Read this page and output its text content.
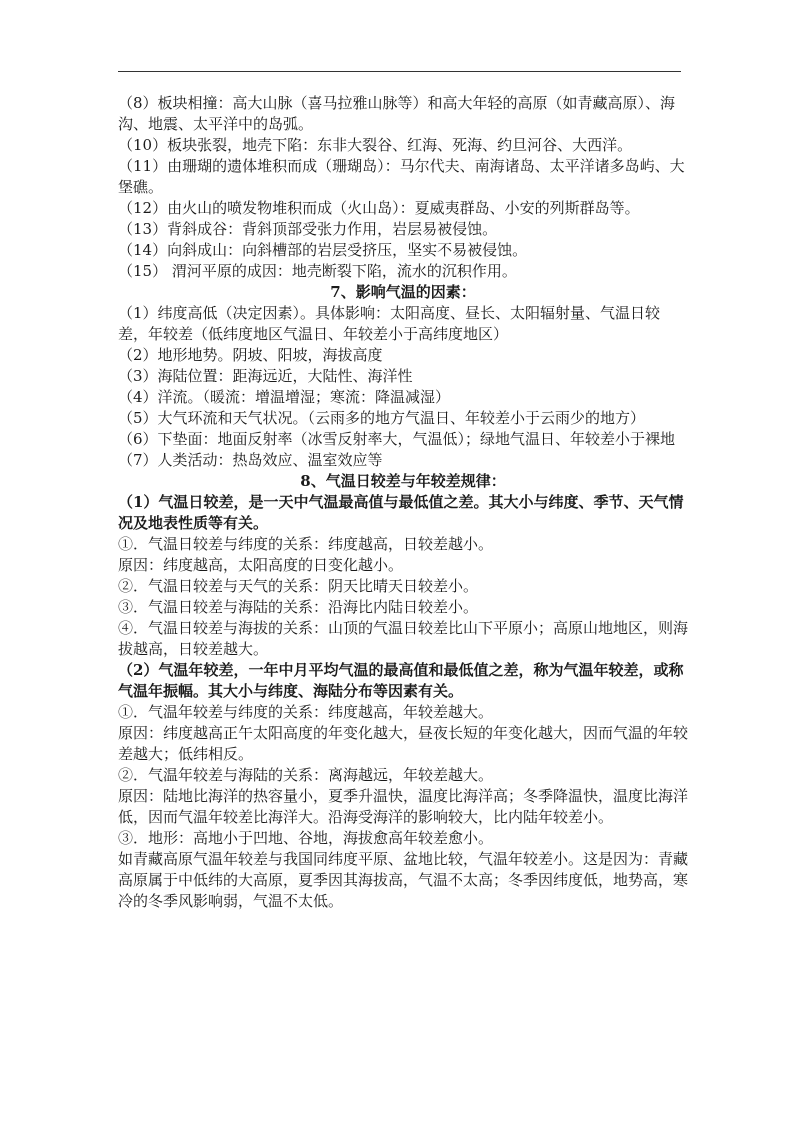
（8）板块相撞：高大山脉（喜马拉雅山脉等）和高大年轻的高原（如青藏高原）、海沟、地震、太平洋中的岛弧。

（10）板块张裂，地壳下陷：东非大裂谷、红海、死海、约旦河谷、大西洋。

（11）由珊瑚的遗体堆积而成（珊瑚岛）：马尔代夫、南海诸岛、太平洋诸多岛屿、大堡礁。

（12）由火山的喷发物堆积而成（火山岛）：夏威夷群岛、小安的列斯群岛等。

（13）背斜成谷：背斜顶部受张力作用，岩层易被侵蚀。

（14）向斜成山：向斜槽部的岩层受挤压，坚实不易被侵蚀。

（15） 渭河平原的成因：地壳断裂下陷，流水的沉积作用。

7、影响气温的因素：

（1）纬度高低（决定因素）。具体影响：太阳高度、昼长、太阳辐射量、气温日较差，年较差（低纬度地区气温日、年较差小于高纬度地区）

（2）地形地势。阴坡、阳坡，海拔高度

（3）海陆位置：距海远近，大陆性、海洋性

（4）洋流。（暖流：增温增湿；寒流：降温减湿）

（5）大气环流和天气状况。（云雨多的地方气温日、年较差小于云雨少的地方）

（6）下垫面：地面反射率（冰雪反射率大，气温低）；绿地气温日、年较差小于裸地

（7）人类活动：热岛效应、温室效应等

8、气温日较差与年较差规律：

（1）气温日较差，是一天中气温最高值与最低值之差。其大小与纬度、季节、天气情况及地表性质等有关。

①．气温日较差与纬度的关系：纬度越高，日较差越小。

原因：纬度越高，太阳高度的日变化越小。

②．气温日较差与天气的关系：阴天比晴天日较差小。

③．气温日较差与海陆的关系：沿海比内陆日较差小。

④．气温日较差与海拔的关系：山顶的气温日较差比山下平原小；高原山地地区，则海拔越高，日较差越大。

（2）气温年较差，一年中月平均气温的最高值和最低值之差，称为气温年较差，或称气温年振幅。其大小与纬度、海陆分布等因素有关。

①．气温年较差与纬度的关系：纬度越高，年较差越大。

原因：纬度越高正午太阳高度的年变化越大，昼夜长短的年变化越大，因而气温的年较差越大；低纬相反。

②．气温年较差与海陆的关系：离海越远，年较差越大。

原因：陆地比海洋的热容量小，夏季升温快，温度比海洋高；冬季降温快，温度比海洋低，因而气温年较差比海洋大。沿海受海洋的影响较大，比内陆年较差小。

③．地形：高地小于凹地、谷地，海拔愈高年较差愈小。

如青藏高原气温年较差与我国同纬度平原、盆地比较，气温年较差小。这是因为：青藏高原属于中低纬的大高原，夏季因其海拔高，气温不太高；冬季因纬度低，地势高，寒冷的冬季风影响弱，气温不太低。
